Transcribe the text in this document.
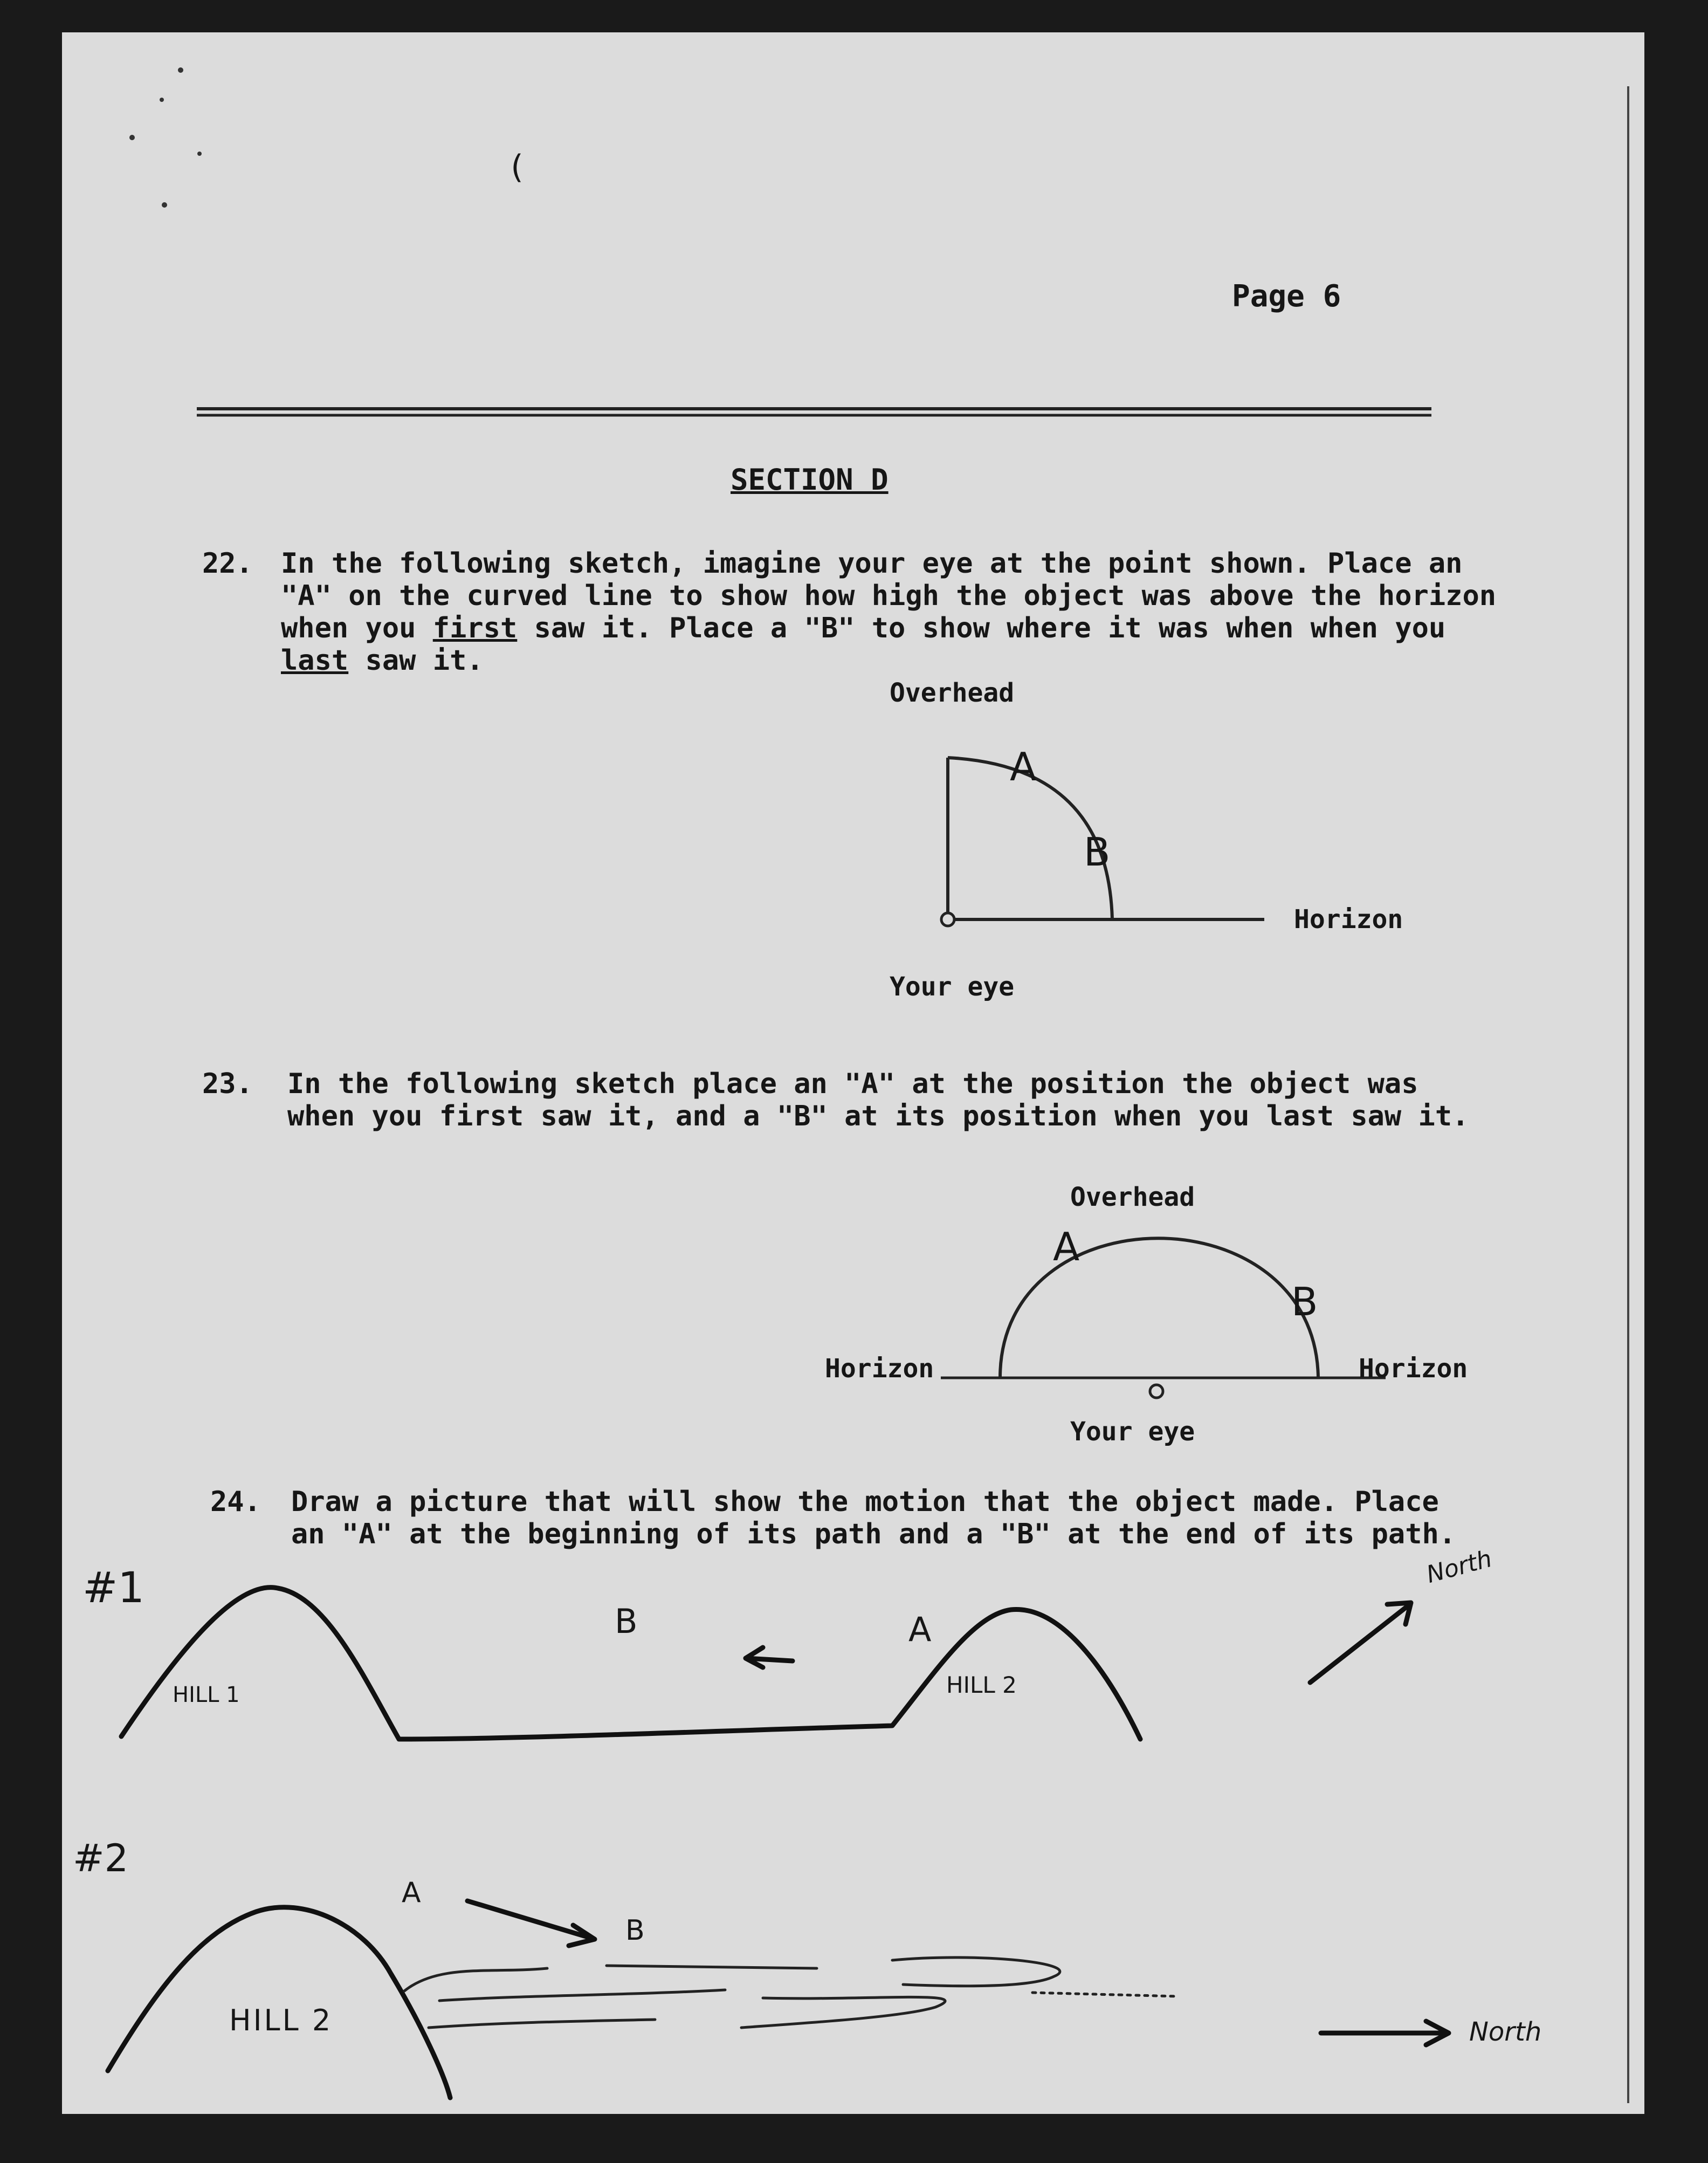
(
Page 6
SECTION D
22. In the following sketch, imagine your eye at the point shown. Place an
"A" on the curved line to show how high the object was above the horizon
when you first saw it. Place a "B" to show where it was when when you
last saw it.
Overhead
Horizon
Your eye
A
B
23. In the following sketch place an "A" at the position the object was
when you first saw it, and a "B" at its position when you last saw it.
Overhead
Horizon	Horizon
Your eye
A
B
24. Draw a picture that will show the motion that the object made. Place
an "A" at the beginning of its path and a "B" at the end of its path.
#1
HILL 1	HILL 2
B	A
North
#2
HILL 2
A
B
North
